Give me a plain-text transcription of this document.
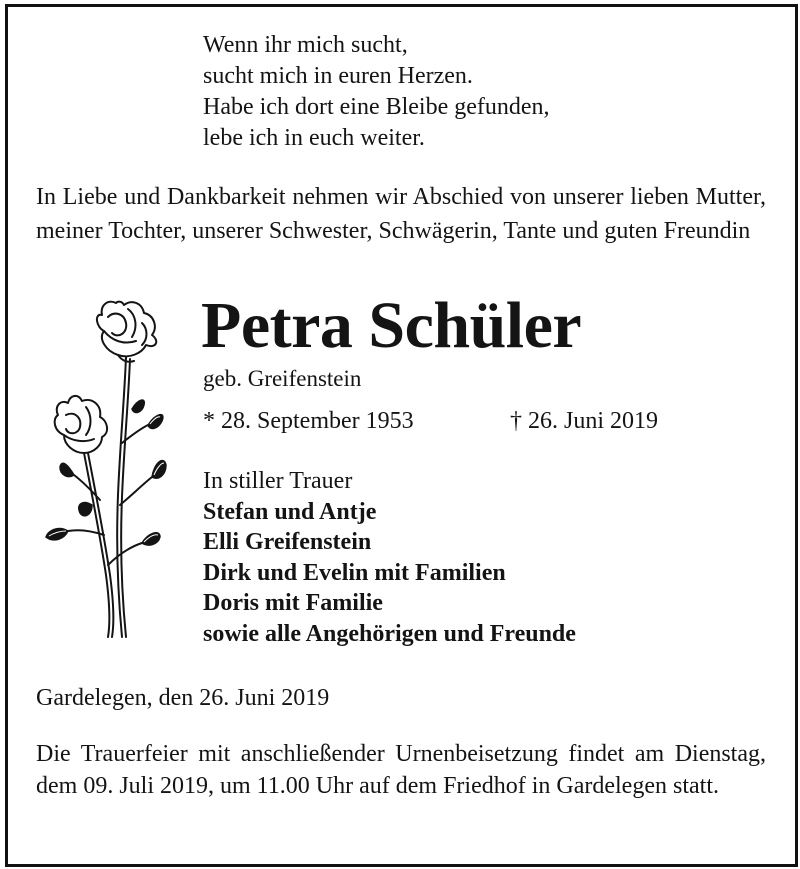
Wenn ihr mich sucht,
sucht mich in euren Herzen.
Habe ich dort eine Bleibe gefunden,
lebe ich in euch weiter.

In Liebe und Dankbarkeit nehmen wir Abschied von unserer lieben Mutter, meiner Tochter, unserer Schwester, Schwägerin, Tante und guten Freundin

Petra Schüler

geb. Greifenstein

* 28. September 1953	† 26. Juni 2019
In stiller Trauer
Stefan und Antje
Elli Greifenstein
Dirk und Evelin mit Familien
Doris mit Familie
sowie alle Angehörigen und Freunde
Gardelegen, den 26. Juni 2019

Die Trauerfeier mit anschließender Urnenbeisetzung findet am Dienstag, dem 09. Juli 2019, um 11.00 Uhr auf dem Friedhof in Gardelegen statt.
